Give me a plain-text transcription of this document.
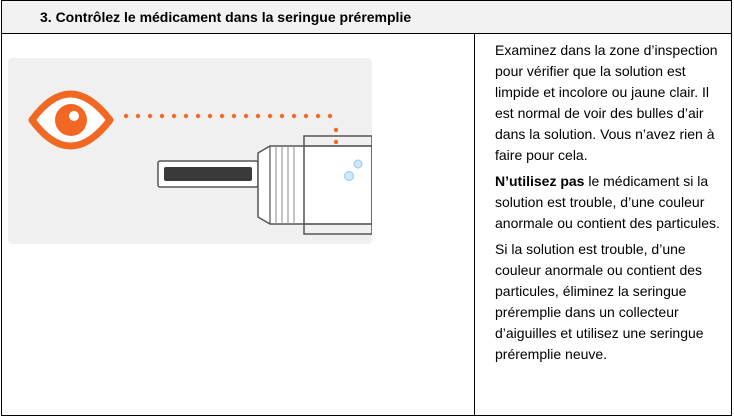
3. Contrôlez le médicament dans la seringue préremplie

Examinez dans la zone d’inspection pour vérifier que la solution est limpide et incolore ou jaune clair. Il est normal de voir des bulles d’air dans la solution. Vous n’avez rien à faire pour cela.

N’utilisez pas le médicament si la solution est trouble, d’une couleur anormale ou contient des particules.

Si la solution est trouble, d’une couleur anormale ou contient des particules, éliminez la seringue préremplie dans un collecteur d’aiguilles et utilisez une seringue préremplie neuve.
